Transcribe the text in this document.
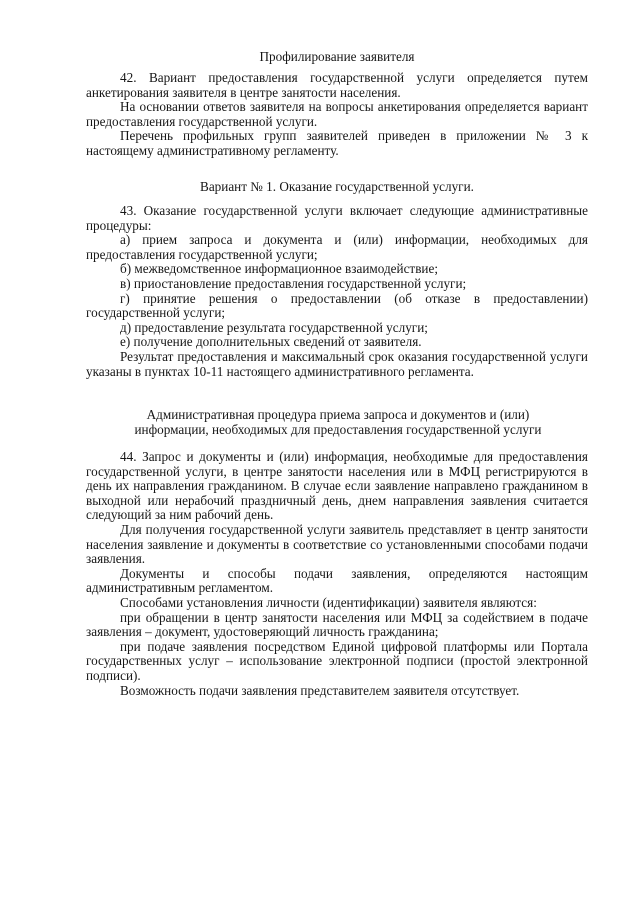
Профилирование заявителя

42. Вариант предоставления государственной услуги определяется путем анкетирования заявителя в центре занятости населения.

На основании ответов заявителя на вопросы анкетирования определяется вариант предоставления государственной услуги.

Перечень профильных групп заявителей приведен в приложении № 3 к настоящему административному регламенту.

Вариант № 1. Оказание государственной услуги.

43. Оказание государственной услуги включает следующие административные процедуры:

а) прием запроса и документа и (или) информации, необходимых для предоставления государственной услуги;

б) межведомственное информационное взаимодействие;

в) приостановление предоставления государственной услуги;

г) принятие решения о предоставлении (об отказе в предоставлении) государственной услуги;

д) предоставление результата государственной услуги;

е) получение дополнительных сведений от заявителя.

Результат предоставления и максимальный срок оказания государственной услуги указаны в пунктах 10-11 настоящего административного регламента.

Административная процедура приема запроса и документов и (или) информации, необходимых для предоставления государственной услуги

44. Запрос и документы и (или) информация, необходимые для предоставления государственной услуги, в центре занятости населения или в МФЦ регистрируются в день их направления гражданином. В случае если заявление направлено гражданином в выходной или нерабочий праздничный день, днем направления заявления считается следующий за ним рабочий день.

Для получения государственной услуги заявитель представляет в центр занятости населения заявление и документы в соответствие со установленными способами подачи заявления.

Документы и способы подачи заявления, определяются настоящим административным регламентом.

Способами установления личности (идентификации) заявителя являются:

при обращении в центр занятости населения или МФЦ за содействием в подаче заявления – документ, удостоверяющий личность гражданина;

при подаче заявления посредством Единой цифровой платформы или Портала государственных услуг – использование электронной подписи (простой электронной подписи).

Возможность подачи заявления представителем заявителя отсутствует.
